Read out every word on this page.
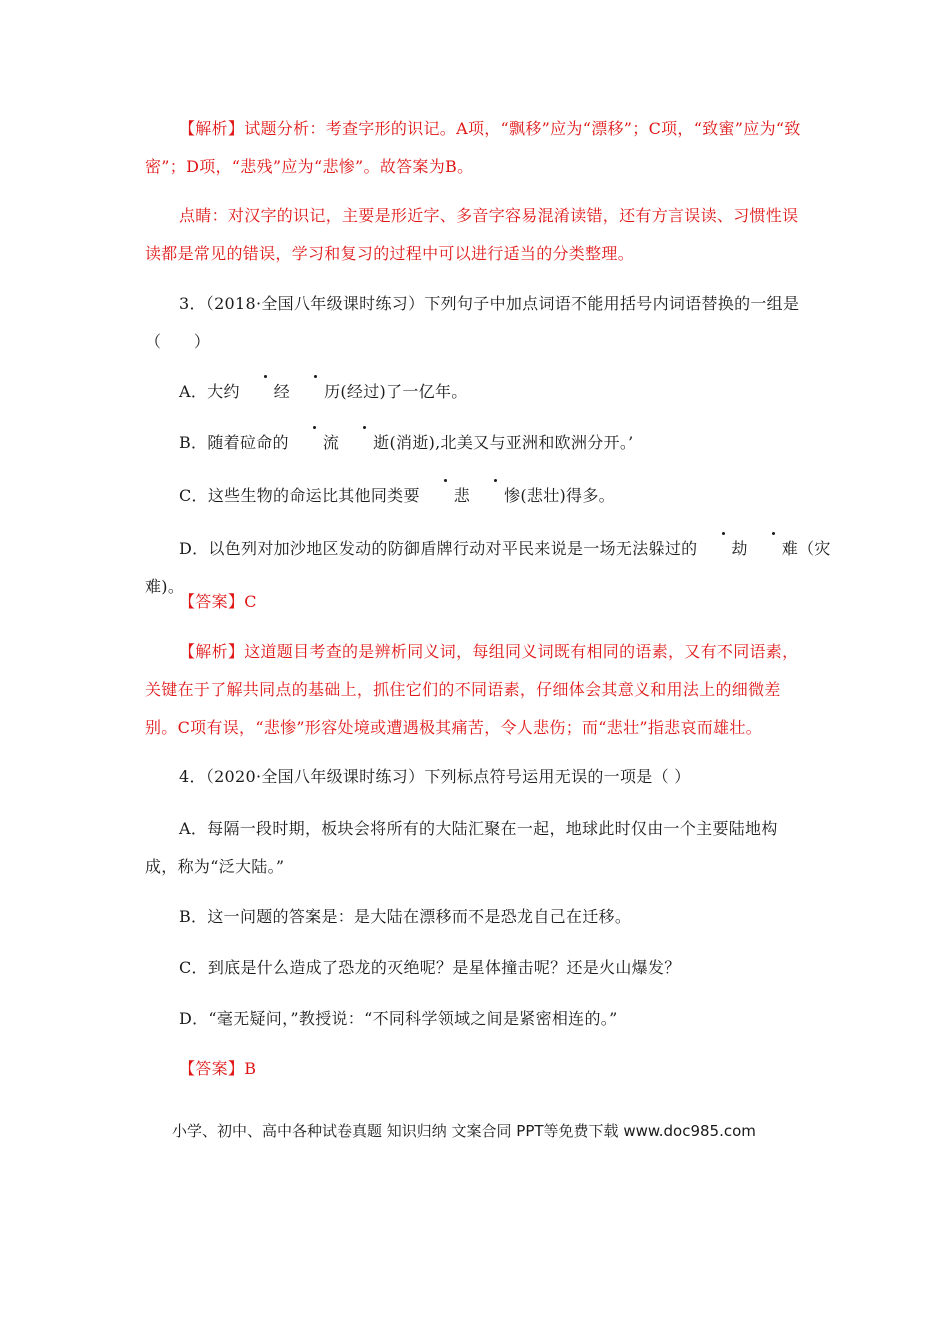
【解析】试题分析：考查字形的识记。A项，“飘移”应为“漂移”；C项，“致蜜”应为“致密”；D项，“悲残”应为“悲惨”。故答案为B。
点睛：对汉字的识记，主要是形近字、多音字容易混淆读错，还有方言误读、习惯性误读都是常见的错误，学习和复习的过程中可以进行适当的分类整理。
3．（2018·全国八年级课时练习）下列句子中加点词语不能用括号内词语替换的一组是（　　）
A．大约 经 历(经过)了一亿年。
B．随着砬命的 流 逝(消逝),北美又与亚洲和欧洲分开。’
C．这些生物的命运比其他同类要 悲 惨(悲壮)得多。
D．以色列对加沙地区发动的防御盾牌行动对平民来说是一场无法躲过的 劫 难（灾难)。
【答案】C
【解析】这道题目考查的是辨析同义词，每组同义词既有相同的语素，又有不同语素，关键在于了解共同点的基础上，抓住它们的不同语素，仔细体会其意义和用法上的细微差别。C项有误，“悲惨”形容处境或遭遇极其痛苦，令人悲伤；而“悲壮”指悲哀而雄壮。
4．（2020·全国八年级课时练习）下列标点符号运用无误的一项是（ ）
A．每隔一段时期，板块会将所有的大陆汇聚在一起，地球此时仅由一个主要陆地构成，称为“泛大陆。”
B．这一问题的答案是：是大陆在漂移而不是恐龙自己在迁移。
C．到底是什么造成了恐龙的灭绝呢？是星体撞击呢？还是火山爆发？
D．“毫无疑问，”教授说：“不同科学领域之间是紧密相连的。”
【答案】B
小学、初中、高中各种试卷真题 知识归纳 文案合同 PPT等免费下载 www.doc985.com
